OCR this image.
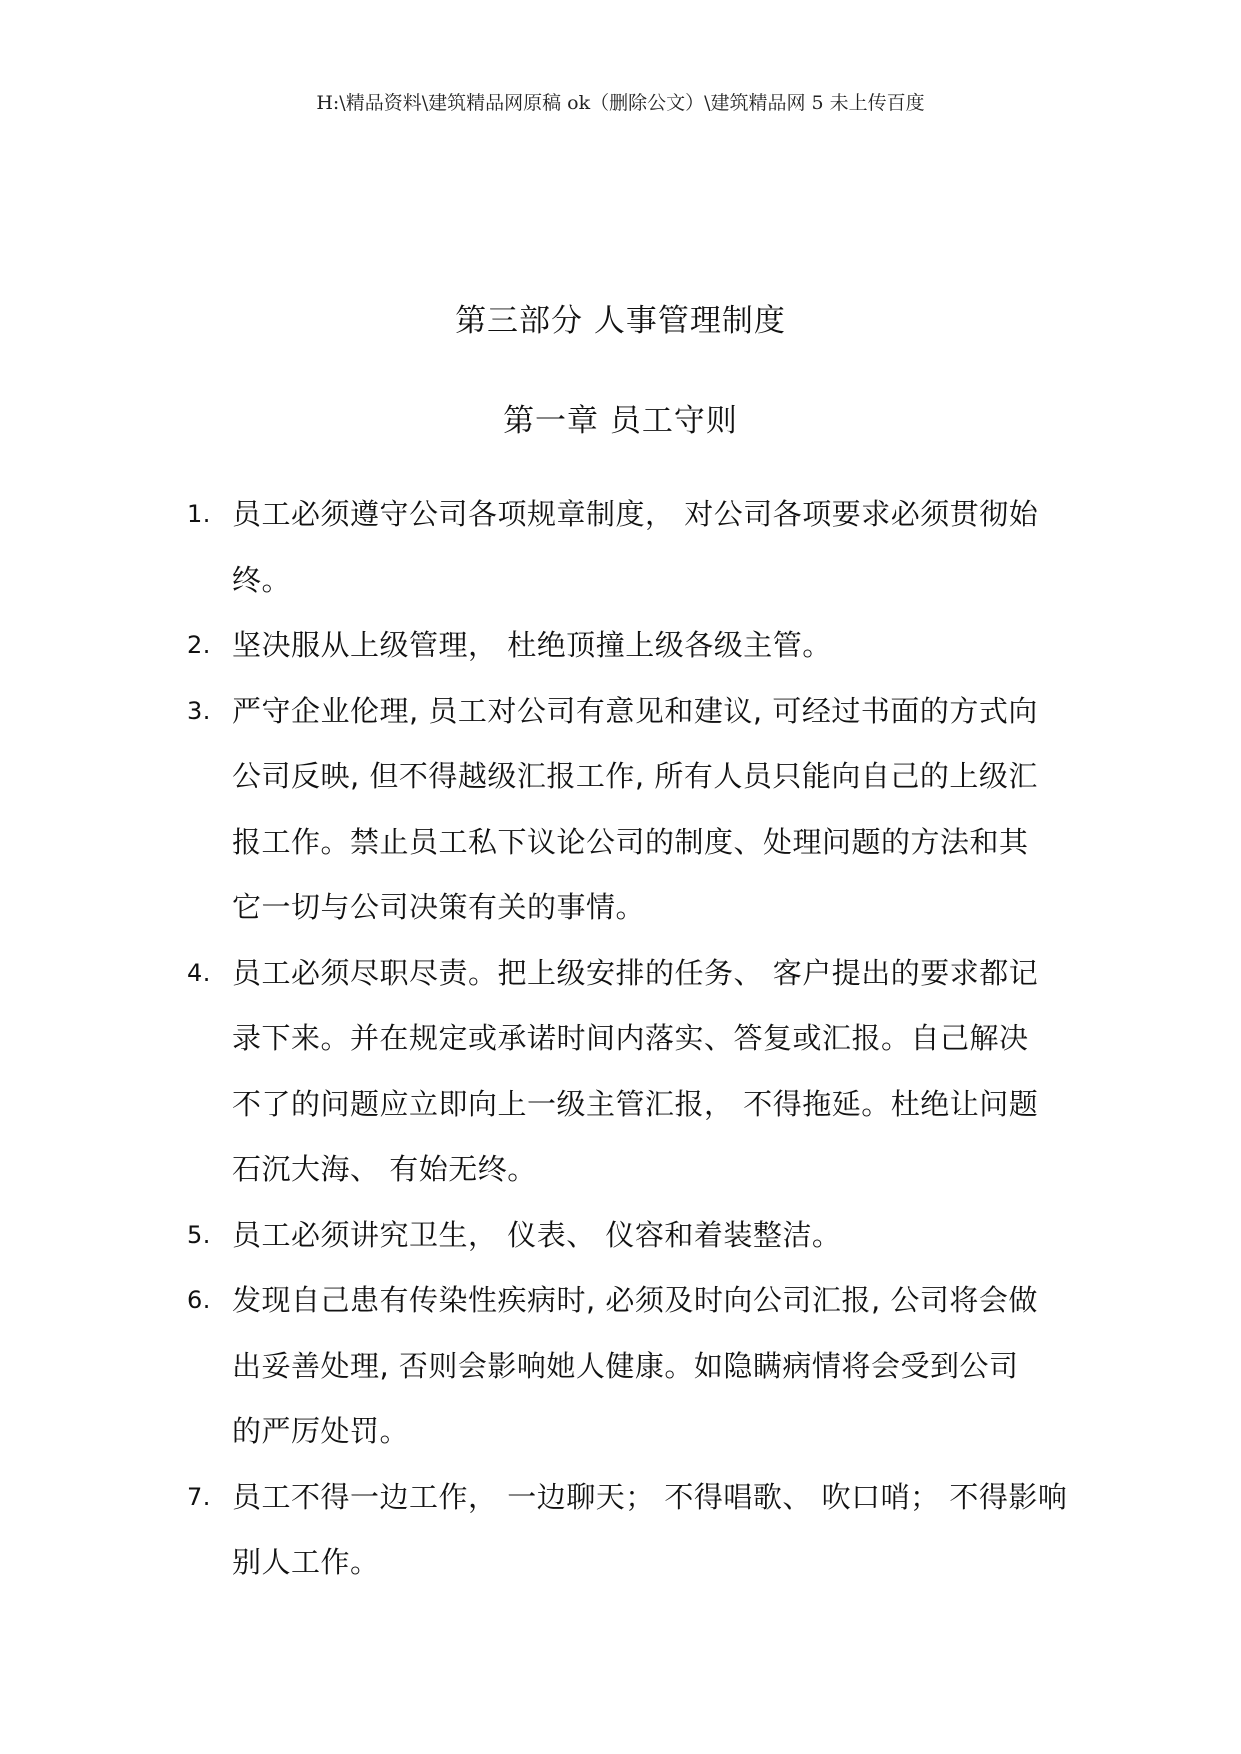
H:\精品资料\建筑精品网原稿 ok（删除公文）\建筑精品网 5 未上传百度
第三部分 人事管理制度
第一章 员工守则
1. 员工必须遵守公司各项规章制度， 对公司各项要求必须贯彻始
终。
2. 坚决服从上级管理， 杜绝顶撞上级各级主管。
3. 严守企业伦理, 员工对公司有意见和建议, 可经过书面的方式向
公司反映, 但不得越级汇报工作, 所有人员只能向自己的上级汇
报工作。禁止员工私下议论公司的制度、处理问题的方法和其
它一切与公司决策有关的事情。
4. 员工必须尽职尽责。把上级安排的任务、 客户提出的要求都记
录下来。并在规定或承诺时间内落实、答复或汇报。自己解决
不了的问题应立即向上一级主管汇报， 不得拖延。杜绝让问题
石沉大海、 有始无终。
5. 员工必须讲究卫生， 仪表、 仪容和着装整洁。
6. 发现自己患有传染性疾病时, 必须及时向公司汇报, 公司将会做
出妥善处理, 否则会影响她人健康。如隐瞒病情将会受到公司
的严厉处罚。
7. 员工不得一边工作， 一边聊天； 不得唱歌、 吹口哨； 不得影响
别人工作。
